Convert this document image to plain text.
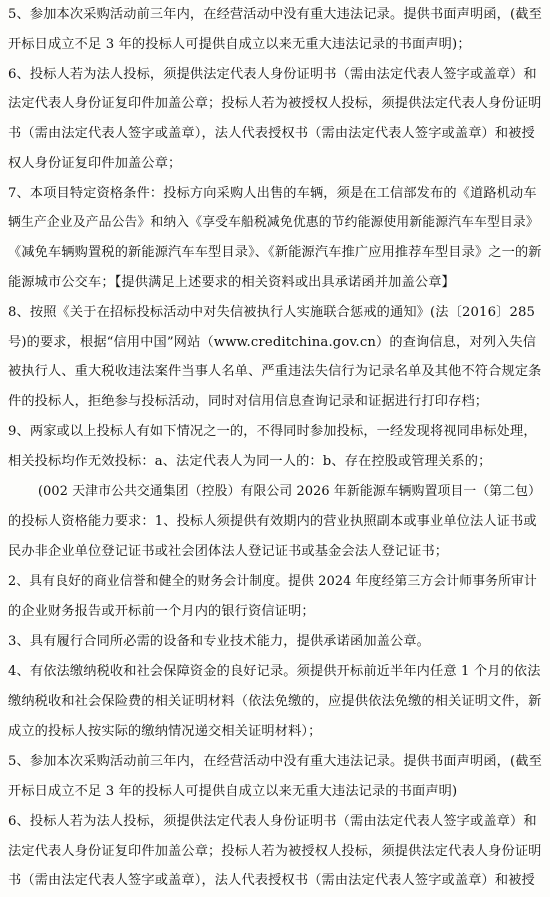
5、参加本次采购活动前三年内，在经营活动中没有重大违法记录。提供书面声明函，(截至
开标日成立不足 3 年的投标人可提供自成立以来无重大违法记录的书面声明)；
6、投标人若为法人投标，须提供法定代表人身份证明书（需由法定代表人签字或盖章）和
法定代表人身份证复印件加盖公章；投标人若为被授权人投标，须提供法定代表人身份证明
书（需由法定代表人签字或盖章），法人代表授权书（需由法定代表人签字或盖章）和被授
权人身份证复印件加盖公章；
7、本项目特定资格条件：投标方向采购人出售的车辆，须是在工信部发布的《道路机动车
辆生产企业及产品公告》和纳入《享受车船税减免优惠的节约能源使用新能源汽车车型目录》
《减免车辆购置税的新能源汽车车型目录》、《新能源汽车推广应用推荐车型目录》之一的新
能源城市公交车；【提供满足上述要求的相关资料或出具承诺函并加盖公章】
8、按照《关于在招标投标活动中对失信被执行人实施联合惩戒的通知》(法〔2016〕285
号)的要求，根据“信用中国”网站（www.creditchina.gov.cn）的查询信息，对列入失信
被执行人、重大税收违法案件当事人名单、严重违法失信行为记录名单及其他不符合规定条
件的投标人，拒绝参与投标活动，同时对信用信息查询记录和证据进行打印存档；
9、两家或以上投标人有如下情况之一的，不得同时参加投标，一经发现将视同串标处理，
相关投标均作无效投标：a、法定代表人为同一人的：b、存在控股或管理关系的；
(002 天津市公共交通集团（控股）有限公司 2026 年新能源车辆购置项目一（第二包）
的投标人资格能力要求：1、投标人须提供有效期内的营业执照副本或事业单位法人证书或
民办非企业单位登记证书或社会团体法人登记证书或基金会法人登记证书；
2、具有良好的商业信誉和健全的财务会计制度。提供 2024 年度经第三方会计师事务所审计
的企业财务报告或开标前一个月内的银行资信证明；
3、具有履行合同所必需的设备和专业技术能力，提供承诺函加盖公章。
4、有依法缴纳税收和社会保障资金的良好记录。须提供开标前近半年内任意 1 个月的依法
缴纳税收和社会保险费的相关证明材料（依法免缴的，应提供依法免缴的相关证明文件，新
成立的投标人按实际的缴纳情况递交相关证明材料）；
5、参加本次采购活动前三年内，在经营活动中没有重大违法记录。提供书面声明函，(截至
开标日成立不足 3 年的投标人可提供自成立以来无重大违法记录的书面声明)
6、投标人若为法人投标，须提供法定代表人身份证明书（需由法定代表人签字或盖章）和
法定代表人身份证复印件加盖公章；投标人若为被授权人投标，须提供法定代表人身份证明
书（需由法定代表人签字或盖章），法人代表授权书（需由法定代表人签字或盖章）和被授
